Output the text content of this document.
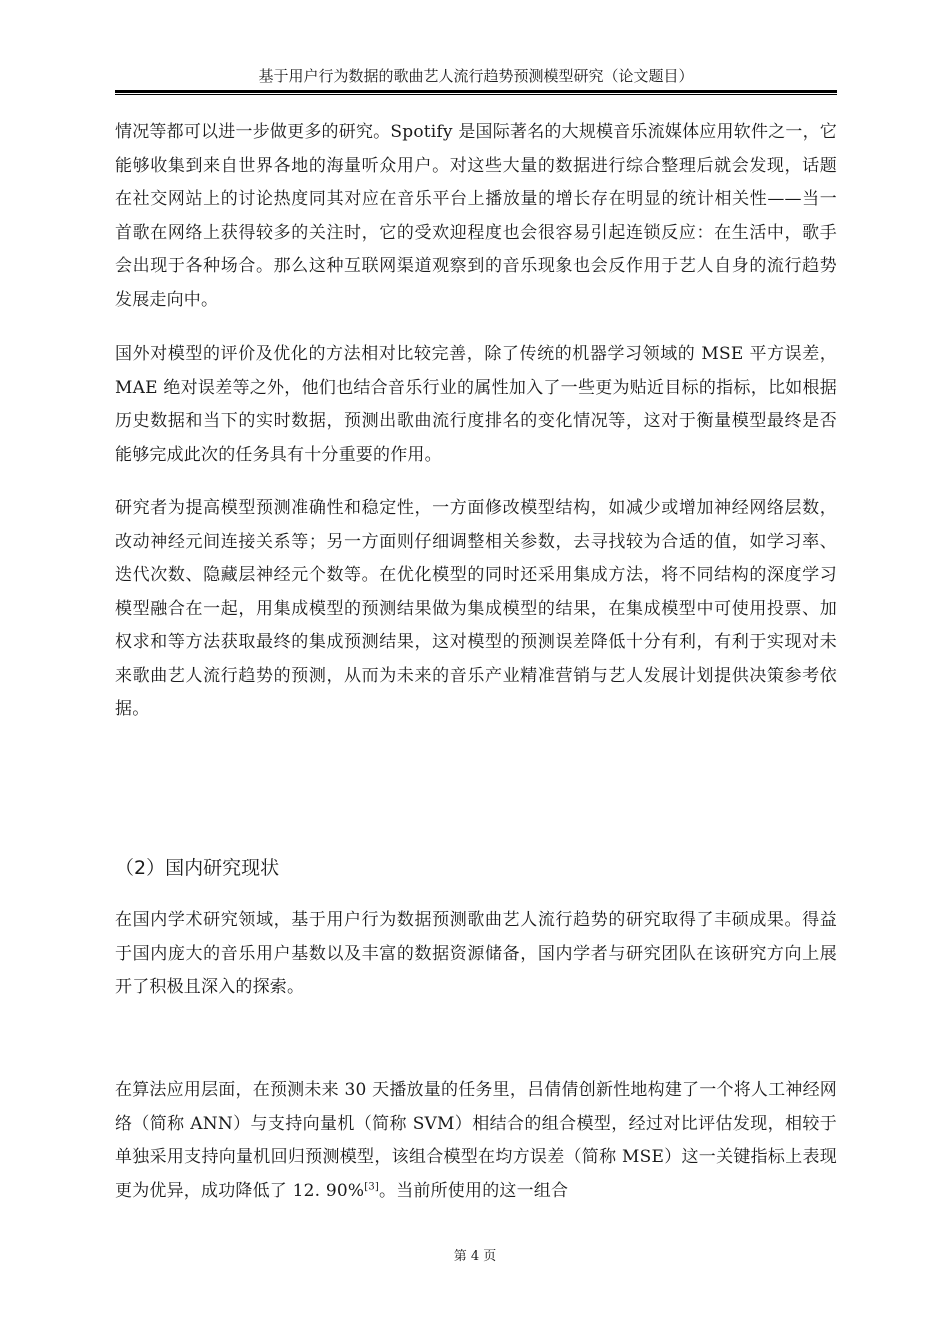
基于用户行为数据的歌曲艺人流行趋势预测模型研究（论文题目）

情况等都可以进一步做更多的研究。Spotify 是国际著名的大规模音乐流媒体应用软件之一，它能够收集到来自世界各地的海量听众用户。对这些大量的数据进行综合整理后就会发现，话题在社交网站上的讨论热度同其对应在音乐平台上播放量的增长存在明显的统计相关性——当一首歌在网络上获得较多的关注时，它的受欢迎程度也会很容易引起连锁反应：在生活中，歌手会出现于各种场合。那么这种互联网渠道观察到的音乐现象也会反作用于艺人自身的流行趋势发展走向中。

国外对模型的评价及优化的方法相对比较完善，除了传统的机器学习领域的 MSE 平方误差，MAE 绝对误差等之外，他们也结合音乐行业的属性加入了一些更为贴近目标的指标，比如根据历史数据和当下的实时数据，预测出歌曲流行度排名的变化情况等，这对于衡量模型最终是否能够完成此次的任务具有十分重要的作用。

研究者为提高模型预测准确性和稳定性，一方面修改模型结构，如减少或增加神经网络层数，改动神经元间连接关系等；另一方面则仔细调整相关参数，去寻找较为合适的值，如学习率、迭代次数、隐藏层神经元个数等。在优化模型的同时还采用集成方法，将不同结构的深度学习模型融合在一起，用集成模型的预测结果做为集成模型的结果，在集成模型中可使用投票、加权求和等方法获取最终的集成预测结果，这对模型的预测误差降低十分有利，有利于实现对未来歌曲艺人流行趋势的预测，从而为未来的音乐产业精准营销与艺人发展计划提供决策参考依据。

（2）国内研究现状

在国内学术研究领域，基于用户行为数据预测歌曲艺人流行趋势的研究取得了丰硕成果。得益于国内庞大的音乐用户基数以及丰富的数据资源储备，国内学者与研究团队在该研究方向上展开了积极且深入的探索。

在算法应用层面，在预测未来 30 天播放量的任务里，吕倩倩创新性地构建了一个将人工神经网络（简称 ANN）与支持向量机（简称 SVM）相结合的组合模型，经过对比评估发现，相较于单独采用支持向量机回归预测模型，该组合模型在均方误差（简称 MSE）这一关键指标上表现更为优异，成功降低了 12. 90%[3]。当前所使用的这一组合

第 4 页
